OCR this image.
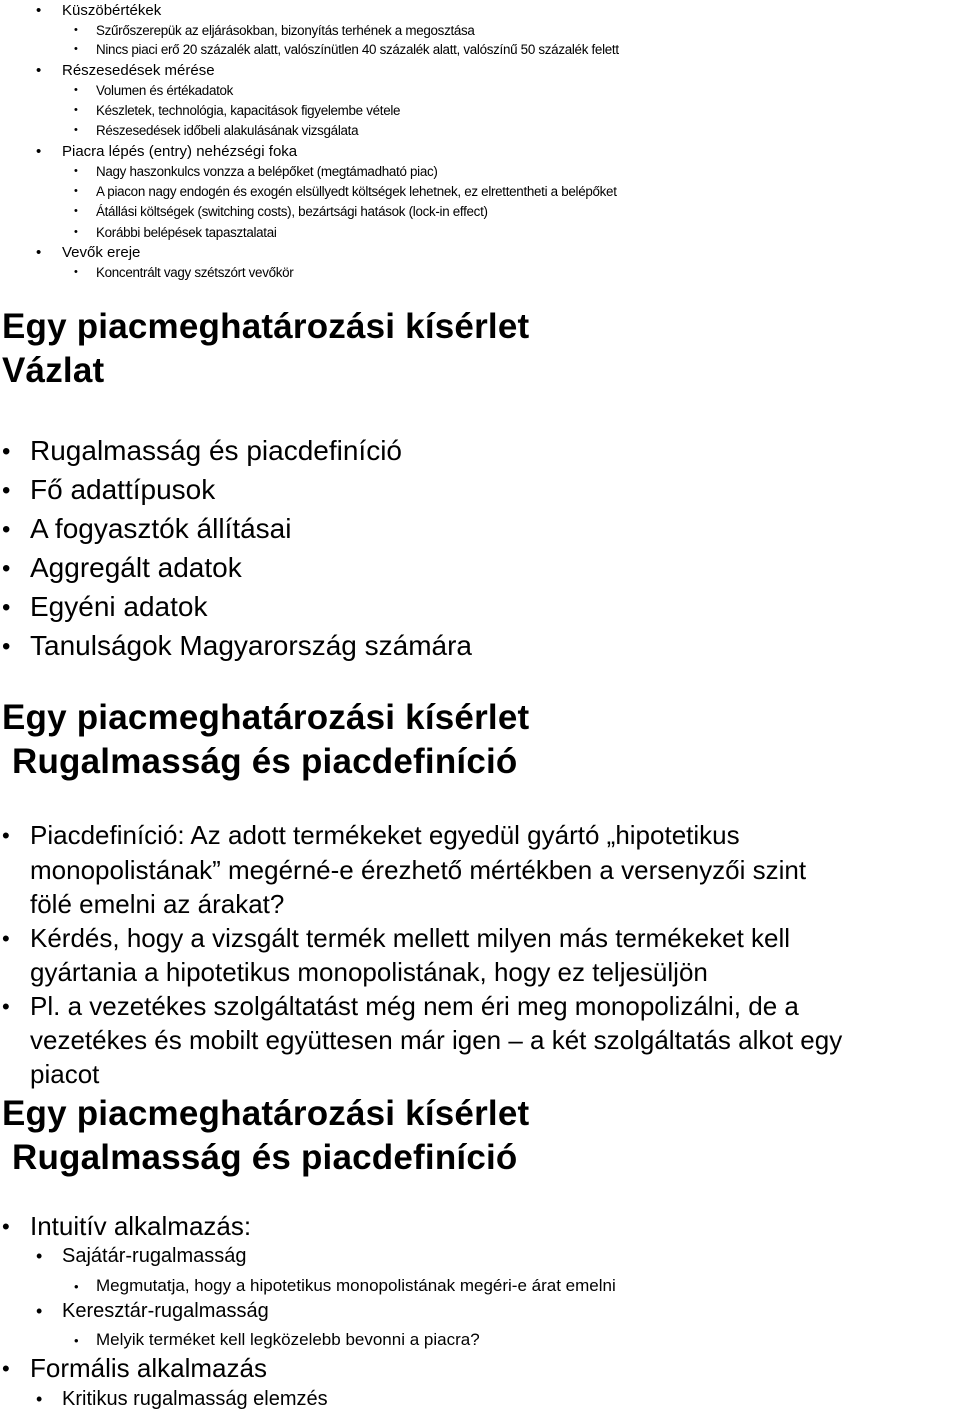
• Küszöbértékek
• Szűrőszerepük az eljárásokban, bizonyítás terhének a megosztása
• Nincs piaci erő 20 százalék alatt, valószínütlen 40 százalék alatt, valószínű 50 százalék felett
• Részesedések mérése
• Volumen és értékadatok
• Készletek, technológia, kapacitások figyelembe vétele
• Részesedések időbeli alakulásának vizsgálata
• Piacra lépés (entry) nehézségi foka
• Nagy haszonkulcs vonzza a belépőket (megtámadható piac)
• A piacon nagy endogén és exogén elsüllyedt költségek lehetnek, ez elrettentheti a belépőket
• Átállási költségek (switching costs), bezártsági hatások (lock-in effect)
• Korábbi belépések tapasztalatai
• Vevők ereje
• Koncentrált vagy szétszórt vevőkör
Egy piacmeghatározási kísérlet
Vázlat
• Rugalmasság és piacdefiníció
• Fő adattípusok
• A fogyasztók állításai
• Aggregált adatok
• Egyéni adatok
• Tanulságok Magyarország számára
Egy piacmeghatározási kísérlet
Rugalmasság és piacdefiníció
• Piacdefiníció: Az adott termékeket egyedül gyártó „hipotetikus
monopolistának” megérné-e érezhető mértékben a versenyzői szint
fölé emelni az árakat?
• Kérdés, hogy a vizsgált termék mellett milyen más termékeket kell
gyártania a hipotetikus monopolistának, hogy ez teljesüljön
• Pl. a vezetékes szolgáltatást még nem éri meg monopolizálni, de a
vezetékes és mobilt együttesen már igen – a két szolgáltatás alkot egy
piacot
Egy piacmeghatározási kísérlet
Rugalmasság és piacdefiníció
• Intuitív alkalmazás:
• Sajátár-rugalmasság
• Megmutatja, hogy a hipotetikus monopolistának megéri-e árat emelni
• Keresztár-rugalmasság
• Melyik terméket kell legközelebb bevonni a piacra?
• Formális alkalmazás
• Kritikus rugalmasság elemzés
